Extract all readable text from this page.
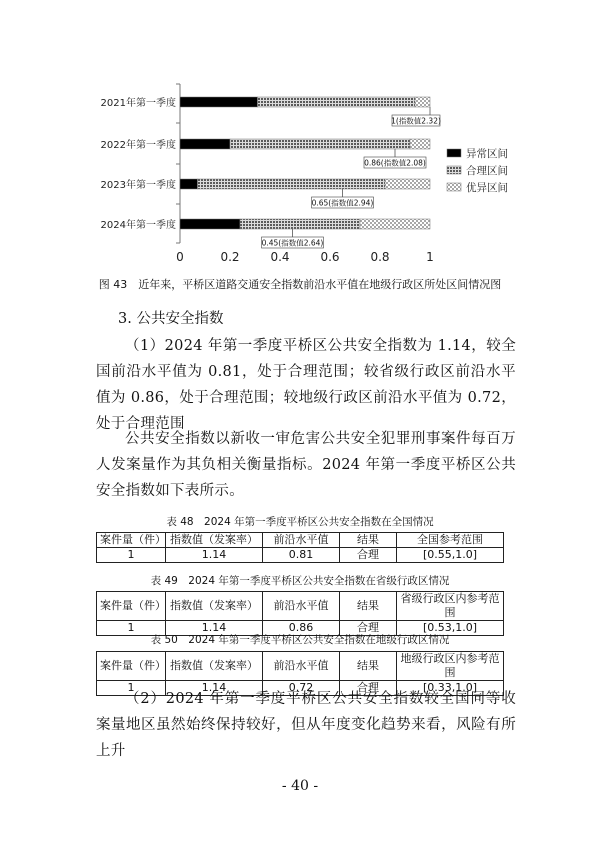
0	0.2	0.4	0.6	0.8	1
2021年第一季度
2022年第一季度
2023年第一季度
2024年第一季度
1(指数值2.32)
0.86(指数值2.08)
0.65(指数值2.94)
0.45(指数值2.64)
异常区间
合理区间
优异区间
图 43　近年来，平桥区道路交通安全指数前沿水平值在地级行政区所处区间情况图
3. 公共安全指数

（1）2024 年第一季度平桥区公共安全指数为 1.14，较全国前沿水平值为 0.81，处于合理范围；较省级行政区前沿水平值为 0.86，处于合理范围；较地级行政区前沿水平值为 0.72，处于合理范围

公共安全指数以新收一审危害公共安全犯罪刑事案件每百万人发案量作为其负相关衡量指标。2024 年第一季度平桥区公共安全指数如下表所示。

表 48　2024 年第一季度平桥区公共安全指数在全国情况
案件量（件）	指数值（发案率）	前沿水平值	结果	全国参考范围
1	1.14	0.81	合理	[0.55,1.0]
表 49　2024 年第一季度平桥区公共安全指数在省级行政区情况
案件量（件）	指数值（发案率）	前沿水平值	结果	省级行政区内参考范围
1	1.14	0.86	合理	[0.53,1.0]
表 50　2024 年第一季度平桥区公共安全指数在地级行政区情况
案件量（件）	指数值（发案率）	前沿水平值	结果	地级行政区内参考范围
1	1.14	0.72	合理	[0.33,1.0]

（2）2024 年第一季度平桥区公共安全指数较全国同等收案量地区虽然始终保持较好，但从年度变化趋势来看，风险有所上升

- 40 -
